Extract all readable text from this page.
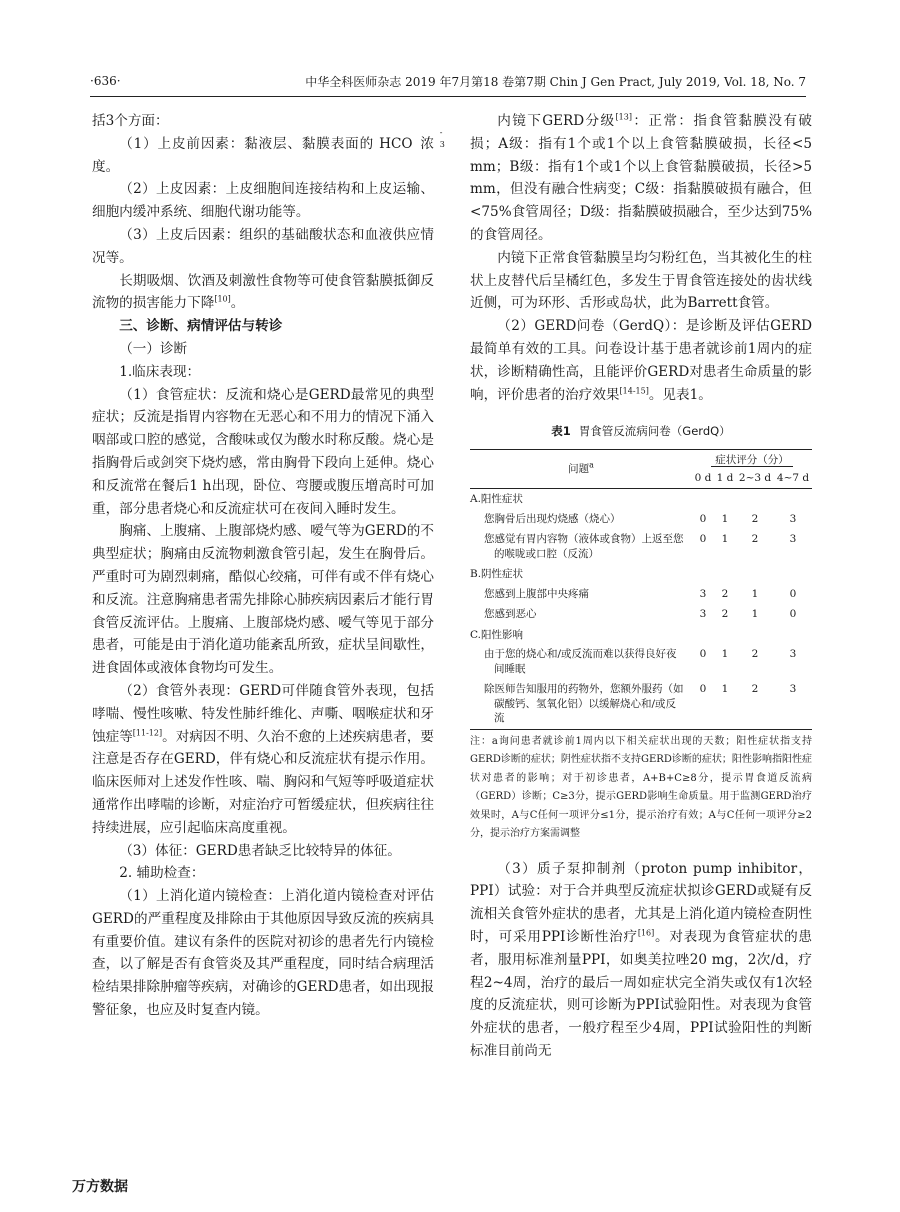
·636·	中华全科医师杂志 2019 年7月第18 卷第7期 Chin J Gen Pract, July 2019, Vol. 18, No. 7

括3个方面：

（1）上皮前因素：黏液层、黏膜表面的 HCO
-
3
浓度。

（2）上皮因素：上皮细胞间连接结构和上皮运输、细胞内缓冲系统、细胞代谢功能等。

（3）上皮后因素：组织的基础酸状态和血液供应情况等。

长期吸烟、饮酒及刺激性食物等可使食管黏膜抵御反流物的损害能力下降[10]。

三、诊断、病情评估与转诊

（一）诊断

1.临床表现：

（1）食管症状：反流和烧心是GERD最常见的典型症状；反流是指胃内容物在无恶心和不用力的情况下涌入咽部或口腔的感觉，含酸味或仅为酸水时称反酸。烧心是指胸骨后或剑突下烧灼感，常由胸骨下段向上延伸。烧心和反流常在餐后1 h出现，卧位、弯腰或腹压增高时可加重，部分患者烧心和反流症状可在夜间入睡时发生。

胸痛、上腹痛、上腹部烧灼感、嗳气等为GERD的不典型症状；胸痛由反流物刺激食管引起，发生在胸骨后。严重时可为剧烈刺痛，酷似心绞痛，可伴有或不伴有烧心和反流。注意胸痛患者需先排除心肺疾病因素后才能行胃食管反流评估。上腹痛、上腹部烧灼感、嗳气等见于部分患者，可能是由于消化道功能紊乱所致，症状呈间歇性，进食固体或液体食物均可发生。

（2）食管外表现：GERD可伴随食管外表现，包括哮喘、慢性咳嗽、特发性肺纤维化、声嘶、咽喉症状和牙蚀症等[11-12]。对病因不明、久治不愈的上述疾病患者，要注意是否存在GERD，伴有烧心和反流症状有提示作用。临床医师对上述发作性咳、喘、胸闷和气短等呼吸道症状通常作出哮喘的诊断，对症治疗可暂缓症状，但疾病往往持续进展，应引起临床高度重视。

（3）体征：GERD患者缺乏比较特异的体征。

2. 辅助检查：

（1）上消化道内镜检查：上消化道内镜检查对评估GERD的严重程度及排除由于其他原因导致反流的疾病具有重要价值。建议有条件的医院对初诊的患者先行内镜检查，以了解是否有食管炎及其严重程度，同时结合病理活检结果排除肿瘤等疾病，对确诊的GERD患者，如出现报警征象，也应及时复查内镜。

内镜下GERD分级[13]：正常：指食管黏膜没有破损；A级：指有1个或1个以上食管黏膜破损，长径<5 mm；B级：指有1个或1个以上食管黏膜破损，长径>5 mm，但没有融合性病变；C级：指黏膜破损有融合，但<75%食管周径；D级：指黏膜破损融合，至少达到75%的食管周径。

内镜下正常食管黏膜呈均匀粉红色，当其被化生的柱状上皮替代后呈橘红色，多发生于胃食管连接处的齿状线近侧，可为环形、舌形或岛状，此为Barrett食管。

（2）GERD问卷（GerdQ）：是诊断及评估GERD最简单有效的工具。问卷设计基于患者就诊前1周内的症状，诊断精确性高，且能评价GERD对患者生命质量的影响，评价患者的治疗效果[14-15]。见表1。

表1 胃食管反流病问卷（GerdQ）
问题$^a$	症状评分（分）			
	0 d	1 d	2~3 d	4~7 d
A.阳性症状				

您胸骨后出现灼烧感（烧心）	0	1	2	3

您感觉有胃内容物（液体或食物）上返至您的喉咙或口腔（反流）	0	1	2	3
B.阴性症状				

您感到上腹部中央疼痛	3	2	1	0

您感到恶心	3	2	1	0
C.阳性影响				

由于您的烧心和/或反流而难以获得良好夜间睡眠	0	1	2	3

除医师告知服用的药物外，您额外服药（如碳酸钙、氢氧化铝）以缓解烧心和/或反流	0	1	2	3
注：a询问患者就诊前1周内以下相关症状出现的天数；阳性症状指支持GERD诊断的症状；阴性症状指不支持GERD诊断的症状；阳性影响指阳性症状对患者的影响；对于初诊患者，A+B+C≥8分，提示胃食道反流病（GERD）诊断；C≥3分，提示GERD影响生命质量。用于监测GERD治疗效果时，A与C任何一项评分≤1分，提示治疗有效；A与C任何一项评分≥2分，提示治疗方案需调整

（3）质子泵抑制剂（proton pump inhibitor，PPI）试验：对于合并典型反流症状拟诊GERD或疑有反流相关食管外症状的患者，尤其是上消化道内镜检查阴性时，可采用PPI诊断性治疗[16]。对表现为食管症状的患者，服用标准剂量PPI，如奥美拉唑20 mg，2次/d，疗程2~4周，治疗的最后一周如症状完全消失或仅有1次轻度的反流症状，则可诊断为PPI试验阳性。对表现为食管外症状的患者，一般疗程至少4周，PPI试验阳性的判断标准目前尚无

万方数据
